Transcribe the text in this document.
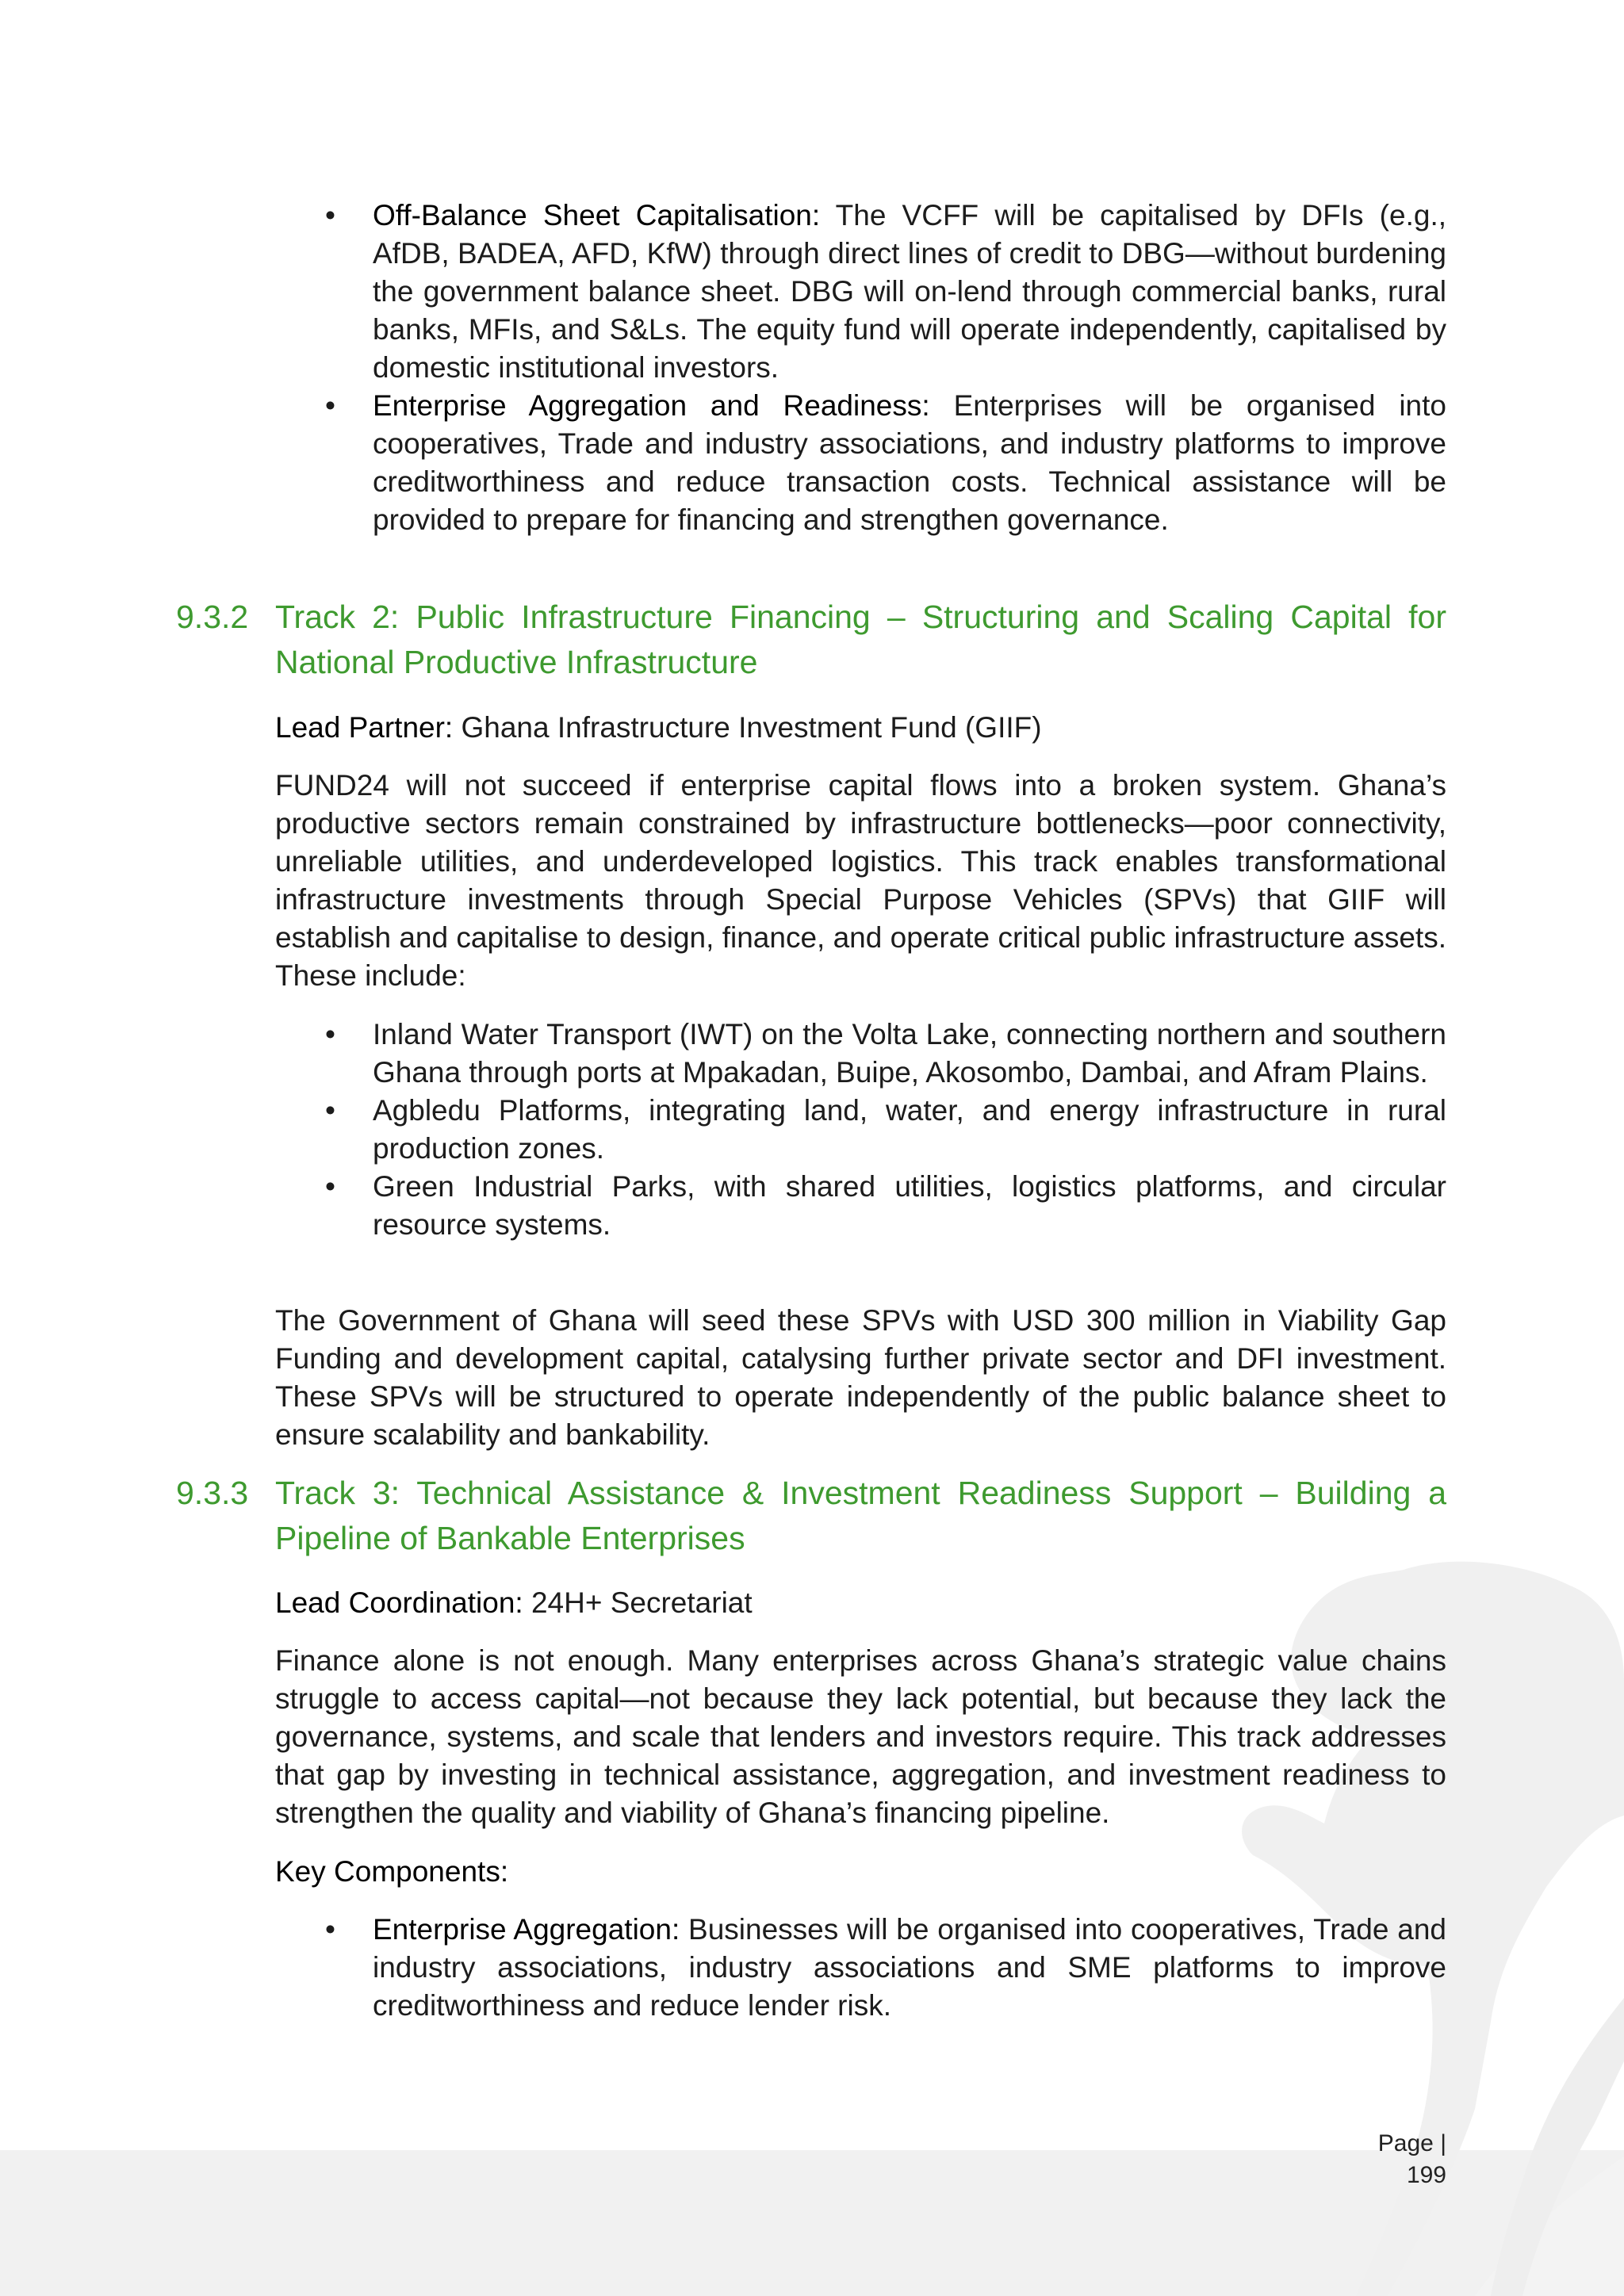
• Off-Balance Sheet Capitalisation: The VCFF will be capitalised by DFIs (e.g., AfDB, BADEA, AFD, KfW) through direct lines of credit to DBG—without burdening the government balance sheet. DBG will on-lend through commercial banks, rural banks, MFIs, and S&Ls. The equity fund will operate independently, capitalised by domestic institutional investors.

• Enterprise Aggregation and Readiness: Enterprises will be organised into cooperatives, Trade and industry associations, and industry platforms to improve creditworthiness and reduce transaction costs. Technical assistance will be provided to prepare for financing and strengthen governance.

9.3.2 Track 2: Public Infrastructure Financing – Structuring and Scaling Capital for National Productive Infrastructure

Lead Partner: Ghana Infrastructure Investment Fund (GIIF)

FUND24 will not succeed if enterprise capital flows into a broken system. Ghana’s productive sectors remain constrained by infrastructure bottlenecks—poor connectivity, unreliable utilities, and underdeveloped logistics. This track enables transformational infrastructure investments through Special Purpose Vehicles (SPVs) that GIIF will establish and capitalise to design, finance, and operate critical public infrastructure assets. These include:

• Inland Water Transport (IWT) on the Volta Lake, connecting northern and southern Ghana through ports at Mpakadan, Buipe, Akosombo, Dambai, and Afram Plains.

• Agbledu Platforms, integrating land, water, and energy infrastructure in rural production zones.

• Green Industrial Parks, with shared utilities, logistics platforms, and circular resource systems.

The Government of Ghana will seed these SPVs with USD 300 million in Viability Gap Funding and development capital, catalysing further private sector and DFI investment. These SPVs will be structured to operate independently of the public balance sheet to ensure scalability and bankability.

9.3.3 Track 3: Technical Assistance & Investment Readiness Support – Building a Pipeline of Bankable Enterprises

Lead Coordination: 24H+ Secretariat

Finance alone is not enough. Many enterprises across Ghana’s strategic value chains struggle to access capital—not because they lack potential, but because they lack the governance, systems, and scale that lenders and investors require. This track addresses that gap by investing in technical assistance, aggregation, and investment readiness to strengthen the quality and viability of Ghana’s financing pipeline.

Key Components:

• Enterprise Aggregation: Businesses will be organised into cooperatives, Trade and industry associations, industry associations and SME platforms to improve creditworthiness and reduce lender risk.

Page | 199
